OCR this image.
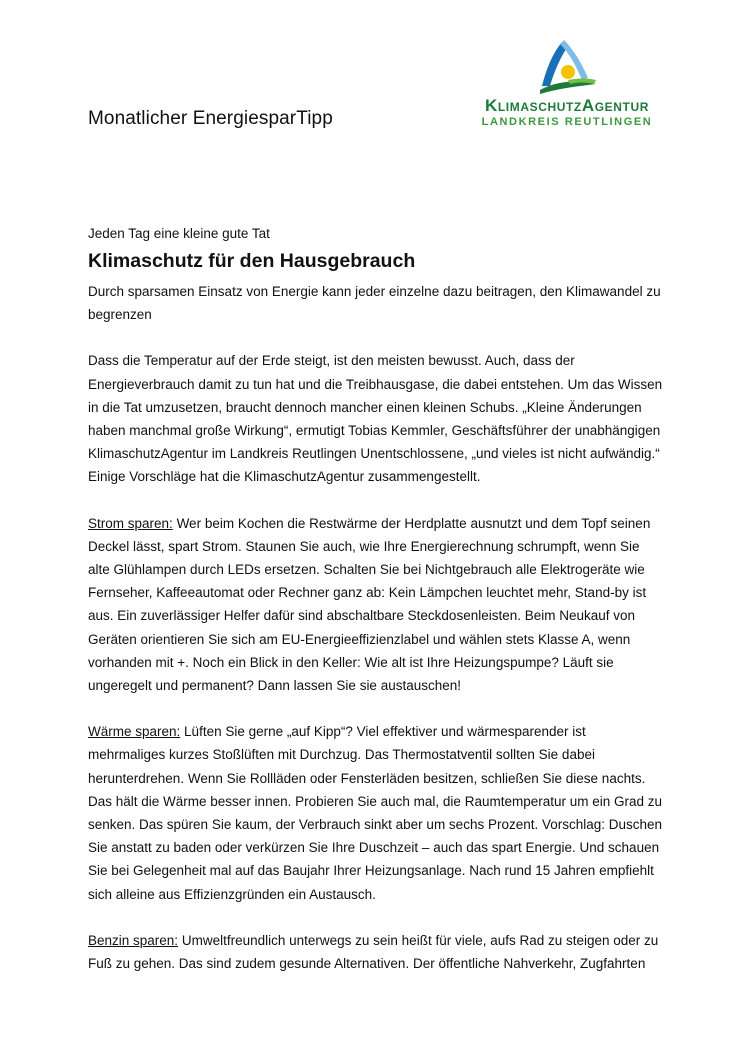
Monatlicher EnergiesparTipp
KlimaschutzAgentur
LANDKREIS REUTLINGEN
Jeden Tag eine kleine gute Tat
Klimaschutz für den Hausgebrauch

Durch sparsamen Einsatz von Energie kann jeder einzelne dazu beitragen, den Klimawandel zu begrenzen

Dass die Temperatur auf der Erde steigt, ist den meisten bewusst. Auch, dass der Energieverbrauch damit zu tun hat und die Treibhausgase, die dabei entstehen. Um das Wissen in die Tat umzusetzen, braucht dennoch mancher einen kleinen Schubs. „Kleine Änderungen haben manchmal große Wirkung“, ermutigt Tobias Kemmler, Geschäftsführer der unabhängigen KlimaschutzAgentur im Landkreis Reutlingen Unentschlossene, „und vieles ist nicht aufwändig.“ Einige Vorschläge hat die KlimaschutzAgentur zusammengestellt.

Strom sparen: Wer beim Kochen die Restwärme der Herdplatte ausnutzt und dem Topf seinen Deckel lässt, spart Strom. Staunen Sie auch, wie Ihre Energierechnung schrumpft, wenn Sie alte Glühlampen durch LEDs ersetzen. Schalten Sie bei Nichtgebrauch alle Elektrogeräte wie Fernseher, Kaffeeautomat oder Rechner ganz ab: Kein Lämpchen leuchtet mehr, Stand-by ist aus. Ein zuverlässiger Helfer dafür sind abschaltbare Steckdosenleisten. Beim Neukauf von Geräten orientieren Sie sich am EU-Energieeffizienzlabel und wählen stets Klasse A, wenn vorhanden mit +. Noch ein Blick in den Keller: Wie alt ist Ihre Heizungspumpe? Läuft sie ungeregelt und permanent? Dann lassen Sie sie austauschen!

Wärme sparen: Lüften Sie gerne „auf Kipp“? Viel effektiver und wärmesparender ist mehrmaliges kurzes Stoßlüften mit Durchzug. Das Thermostatventil sollten Sie dabei herunterdrehen. Wenn Sie Rollläden oder Fensterläden besitzen, schließen Sie diese nachts. Das hält die Wärme besser innen. Probieren Sie auch mal, die Raumtemperatur um ein Grad zu senken. Das spüren Sie kaum, der Verbrauch sinkt aber um sechs Prozent. Vorschlag: Duschen Sie anstatt zu baden oder verkürzen Sie Ihre Duschzeit – auch das spart Energie. Und schauen Sie bei Gelegenheit mal auf das Baujahr Ihrer Heizungsanlage. Nach rund 15 Jahren empfiehlt sich alleine aus Effizienzgründen ein Austausch.

Benzin sparen: Umweltfreundlich unterwegs zu sein heißt für viele, aufs Rad zu steigen oder zu Fuß zu gehen. Das sind zudem gesunde Alternativen. Der öffentliche Nahverkehr, Zugfahrten
